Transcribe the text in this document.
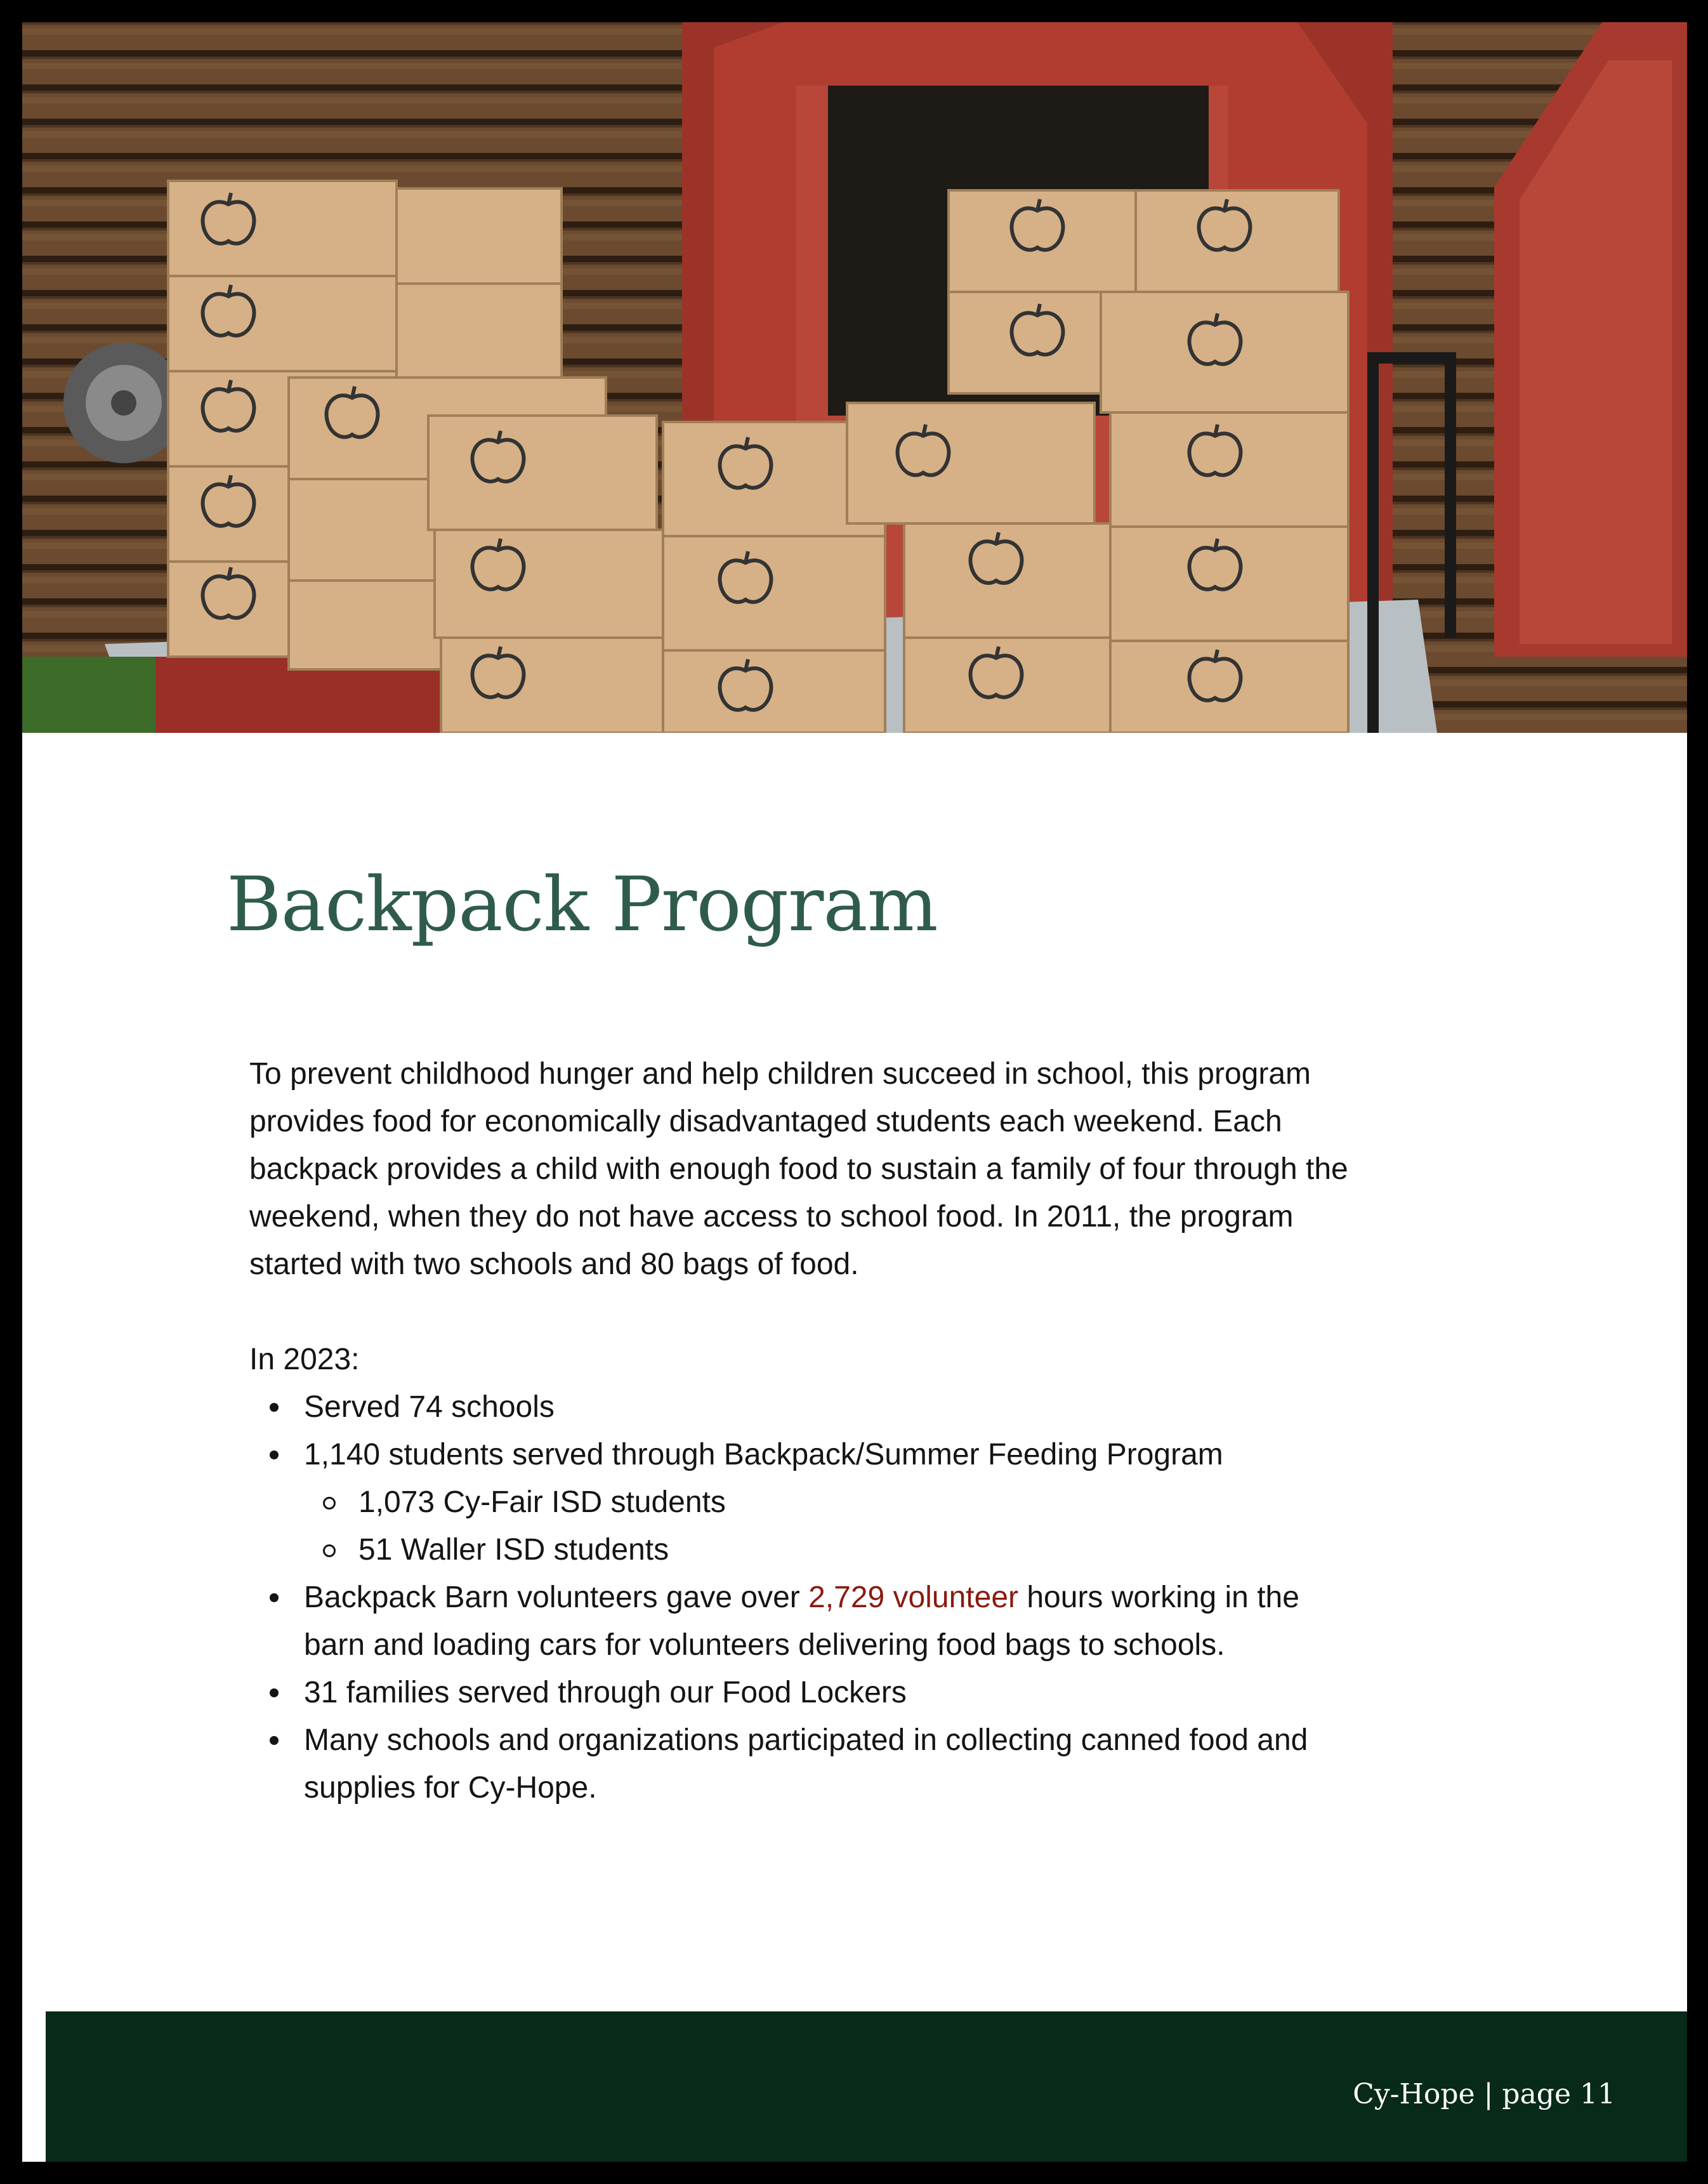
Backpack Program

To prevent childhood hunger and help children succeed in school, this program
provides food for economically disadvantaged students each weekend. Each
backpack provides a child with enough food to sustain a family of four through the
weekend, when they do not have access to school food. In 2011, the program
started with two schools and 80 bags of food.

In 2023:

Served 74 schools
1,140 students served through Backpack/Summer Feeding Program
1,073 Cy-Fair ISD students
51 Waller ISD students
Backpack Barn volunteers gave over 2,729 volunteer hours working in the
barn and loading cars for volunteers delivering food bags to schools.
31 families served through our Food Lockers
Many schools and organizations participated in collecting canned food and
supplies for Cy-Hope.
Cy-Hope | page 11
